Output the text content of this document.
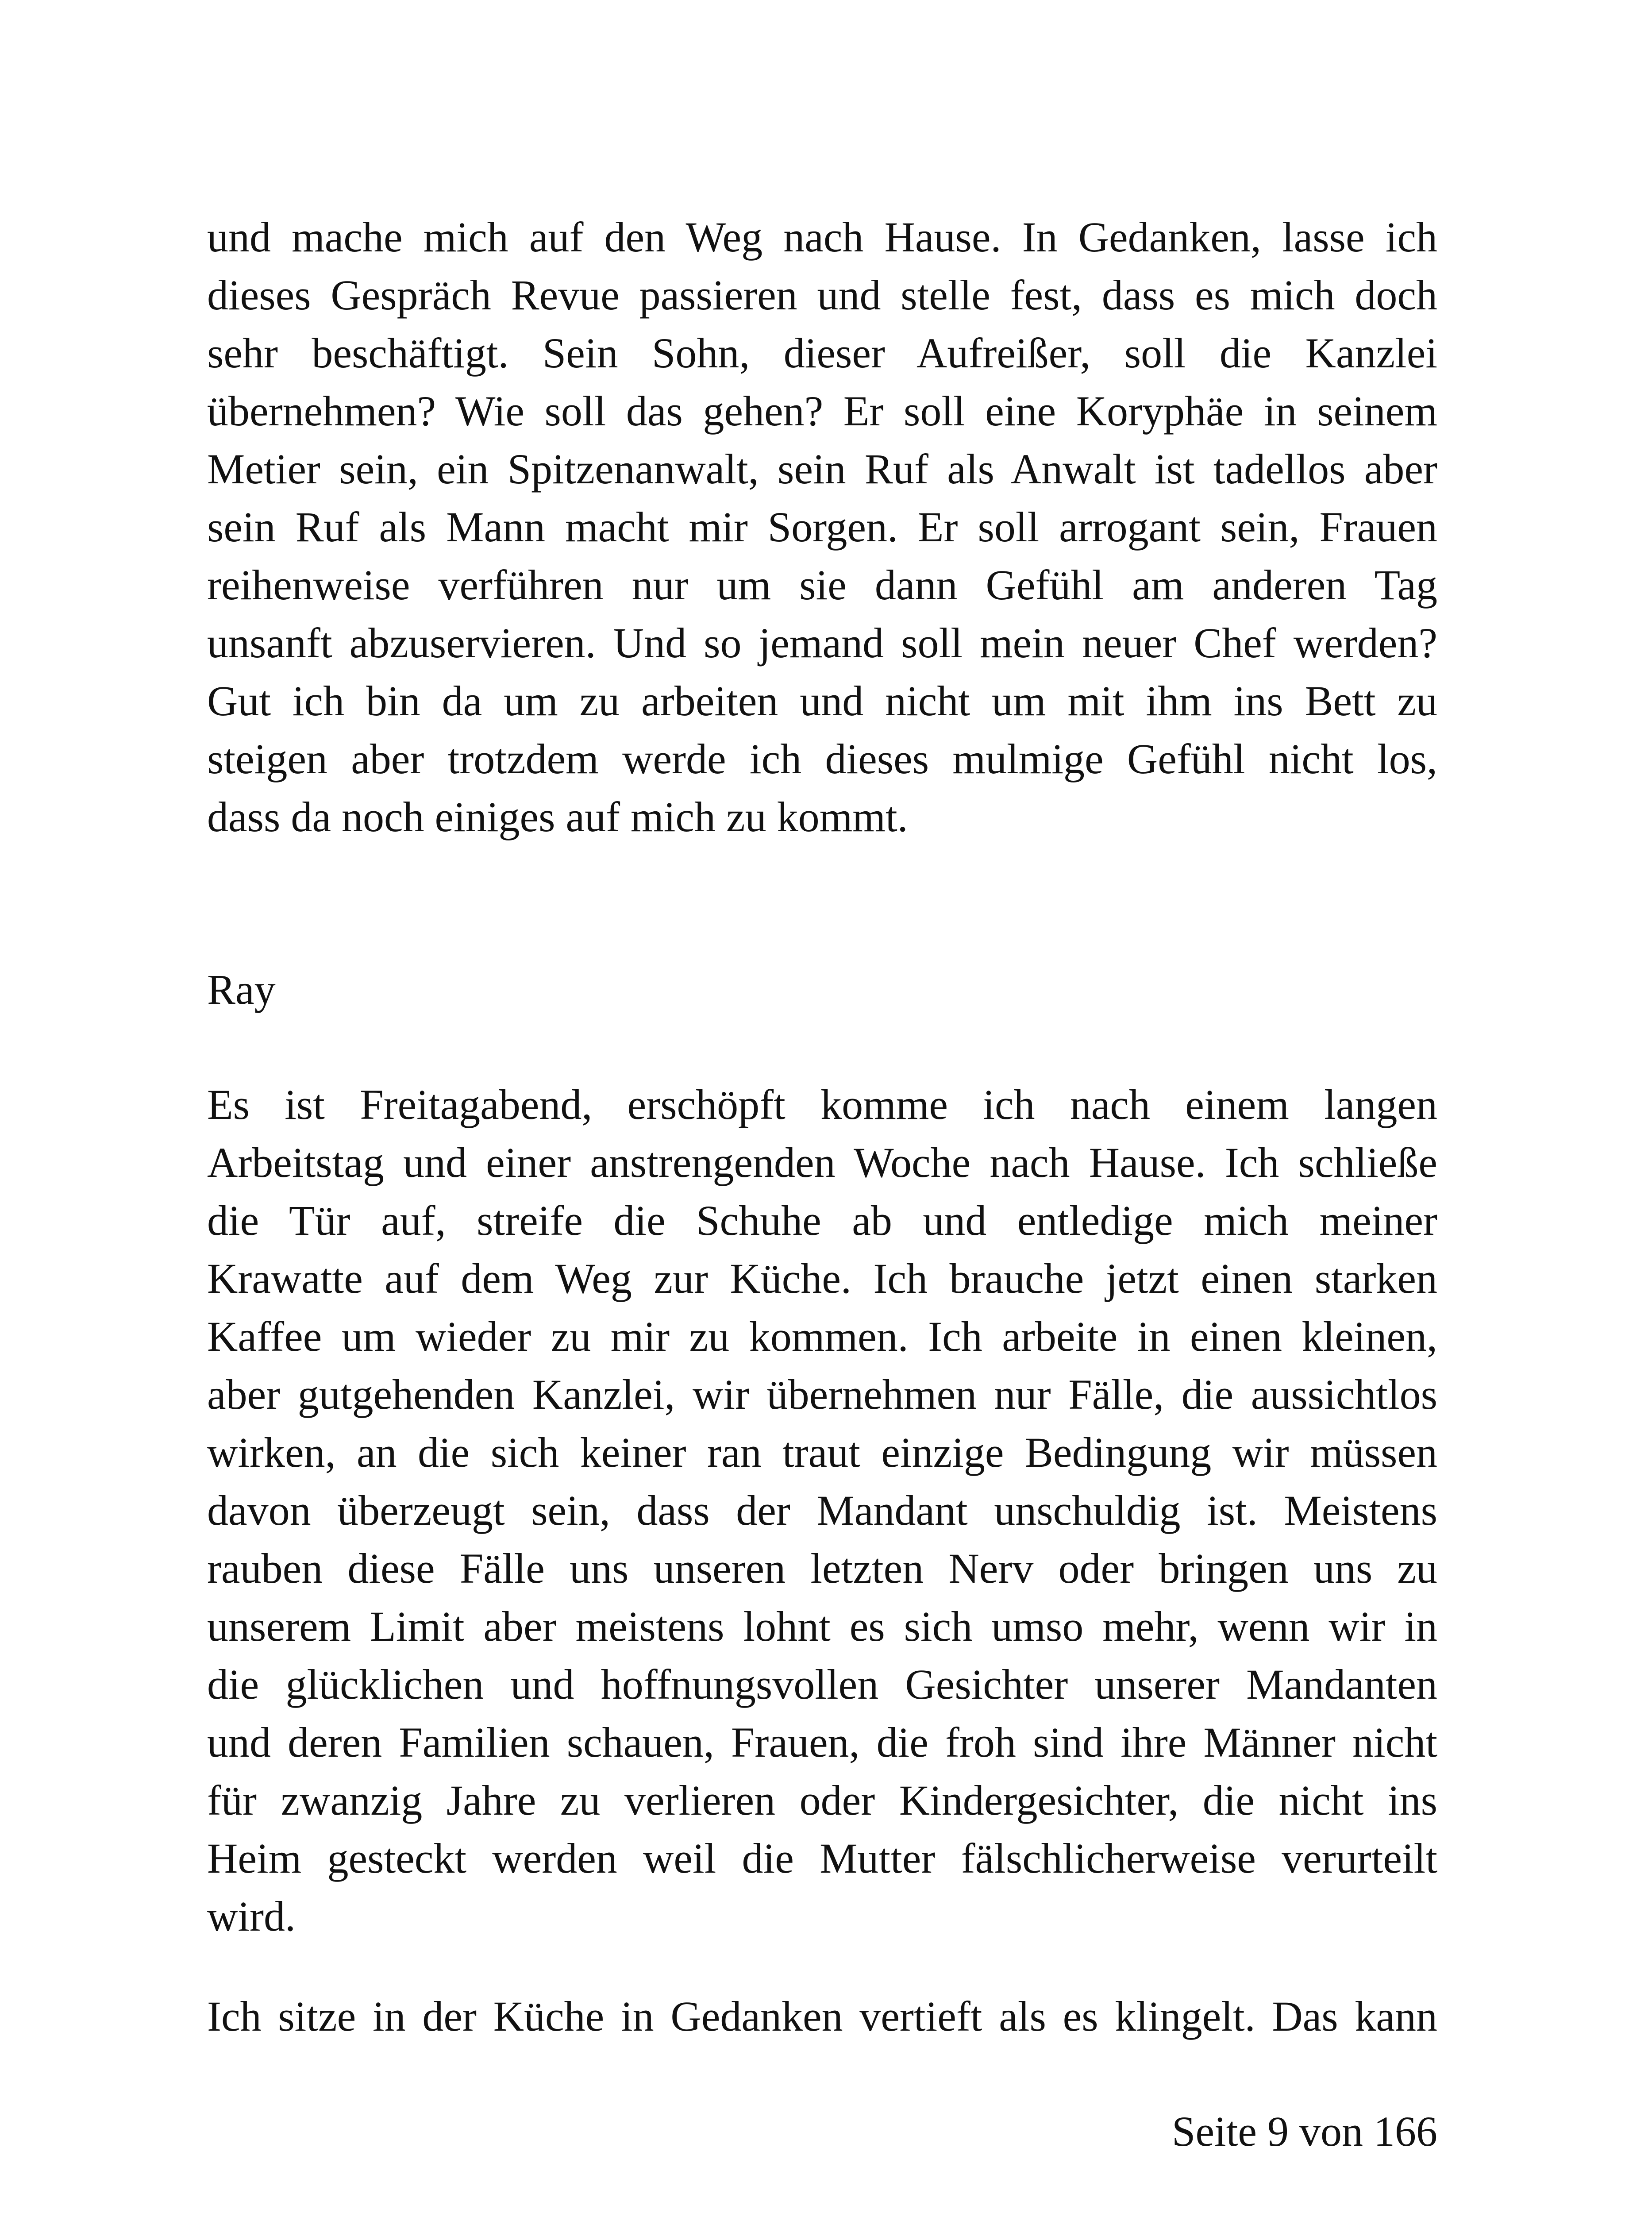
und mache mich auf den Weg nach Hause. In Gedanken, lasse ich
dieses Gespräch Revue passieren und stelle fest, dass es mich doch
sehr beschäftigt. Sein Sohn, dieser Aufreißer, soll die Kanzlei
übernehmen? Wie soll das gehen? Er soll eine Koryphäe in seinem
Metier sein, ein Spitzenanwalt, sein Ruf als Anwalt ist tadellos aber
sein Ruf als Mann macht mir Sorgen. Er soll arrogant sein, Frauen
reihenweise verführen nur um sie dann Gefühl am anderen Tag
unsanft abzuservieren. Und so jemand soll mein neuer Chef werden?
Gut ich bin da um zu arbeiten und nicht um mit ihm ins Bett zu
steigen aber trotzdem werde ich dieses mulmige Gefühl nicht los,
dass da noch einiges auf mich zu kommt.
Ray
Es ist Freitagabend, erschöpft komme ich nach einem langen
Arbeitstag und einer anstrengenden Woche nach Hause. Ich schließe
die Tür auf, streife die Schuhe ab und entledige mich meiner
Krawatte auf dem Weg zur Küche. Ich brauche jetzt einen starken
Kaffee um wieder zu mir zu kommen. Ich arbeite in einen kleinen,
aber gutgehenden Kanzlei, wir übernehmen nur Fälle, die aussichtlos
wirken, an die sich keiner ran traut einzige Bedingung wir müssen
davon überzeugt sein, dass der Mandant unschuldig ist. Meistens
rauben diese Fälle uns unseren letzten Nerv oder bringen uns zu
unserem Limit aber meistens lohnt es sich umso mehr, wenn wir in
die glücklichen und hoffnungsvollen Gesichter unserer Mandanten
und deren Familien schauen, Frauen, die froh sind ihre Männer nicht
für zwanzig Jahre zu verlieren oder Kindergesichter, die nicht ins
Heim gesteckt werden weil die Mutter fälschlicherweise verurteilt
wird.
Ich sitze in der Küche in Gedanken vertieft als es klingelt. Das kann
Seite 9 von 166
